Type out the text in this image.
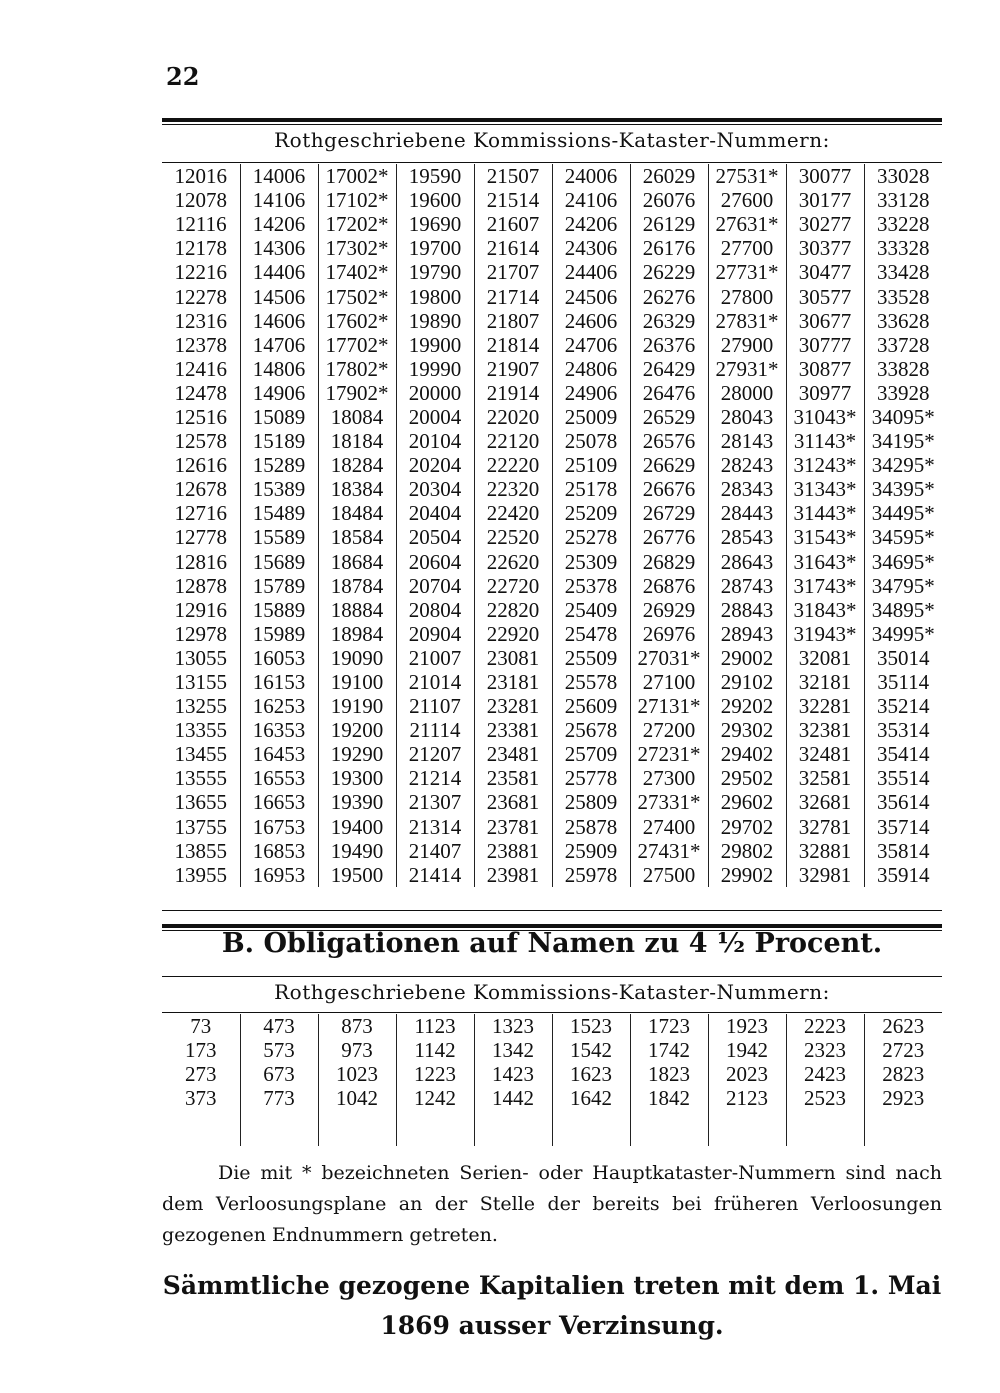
22
Rothgeschriebene Kommissions-Kataster-Nummern:
12016	14006	17002*	19590	21507	24006	26029	27531*	30077	33028
12078	14106	17102*	19600	21514	24106	26076	27600	30177	33128
12116	14206	17202*	19690	21607	24206	26129	27631*	30277	33228
12178	14306	17302*	19700	21614	24306	26176	27700	30377	33328
12216	14406	17402*	19790	21707	24406	26229	27731*	30477	33428
12278	14506	17502*	19800	21714	24506	26276	27800	30577	33528
12316	14606	17602*	19890	21807	24606	26329	27831*	30677	33628
12378	14706	17702*	19900	21814	24706	26376	27900	30777	33728
12416	14806	17802*	19990	21907	24806	26429	27931*	30877	33828
12478	14906	17902*	20000	21914	24906	26476	28000	30977	33928
12516	15089	18084	20004	22020	25009	26529	28043	31043*	34095*
12578	15189	18184	20104	22120	25078	26576	28143	31143*	34195*
12616	15289	18284	20204	22220	25109	26629	28243	31243*	34295*
12678	15389	18384	20304	22320	25178	26676	28343	31343*	34395*
12716	15489	18484	20404	22420	25209	26729	28443	31443*	34495*
12778	15589	18584	20504	22520	25278	26776	28543	31543*	34595*
12816	15689	18684	20604	22620	25309	26829	28643	31643*	34695*
12878	15789	18784	20704	22720	25378	26876	28743	31743*	34795*
12916	15889	18884	20804	22820	25409	26929	28843	31843*	34895*
12978	15989	18984	20904	22920	25478	26976	28943	31943*	34995*
13055	16053	19090	21007	23081	25509	27031*	29002	32081	35014
13155	16153	19100	21014	23181	25578	27100	29102	32181	35114
13255	16253	19190	21107	23281	25609	27131*	29202	32281	35214
13355	16353	19200	21114	23381	25678	27200	29302	32381	35314
13455	16453	19290	21207	23481	25709	27231*	29402	32481	35414
13555	16553	19300	21214	23581	25778	27300	29502	32581	35514
13655	16653	19390	21307	23681	25809	27331*	29602	32681	35614
13755	16753	19400	21314	23781	25878	27400	29702	32781	35714
13855	16853	19490	21407	23881	25909	27431*	29802	32881	35814
13955	16953	19500	21414	23981	25978	27500	29902	32981	35914
B. Obligationen auf Namen zu 4 ½ Procent.
Rothgeschriebene Kommissions-Kataster-Nummern:
73	473	873	1123	1323	1523	1723	1923	2223	2623
173	573	973	1142	1342	1542	1742	1942	2323	2723
273	673	1023	1223	1423	1623	1823	2023	2423	2823
373	773	1042	1242	1442	1642	1842	2123	2523	2923

Die mit * bezeichneten Serien- oder Hauptkataster-Nummern sind nach dem Verloosungsplane an der Stelle der bereits bei früheren Verloosungen gezogenen Endnummern getreten.
Sämmtliche gezogene Kapitalien treten mit dem 1. Mai 1869 ausser Verzinsung.
